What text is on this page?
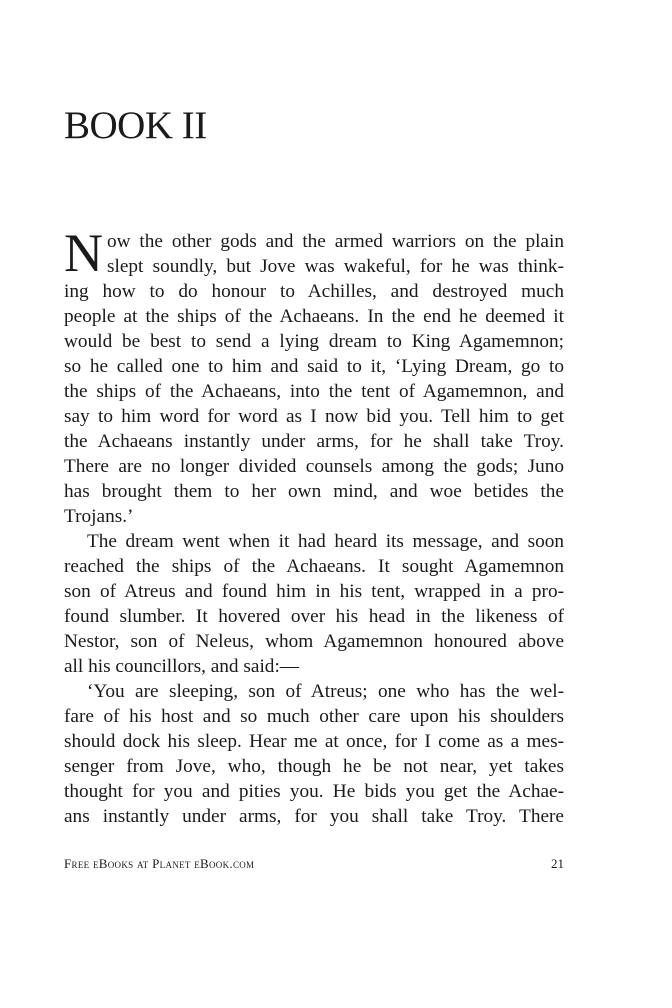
BOOK II

N ow the other gods and the armed warriors on the plain
slept soundly, but Jove was wakeful, for he was think-
ing how to do honour to Achilles, and destroyed much
people at the ships of the Achaeans. In the end he deemed it
would be best to send a lying dream to King Agamemnon;
so he called one to him and said to it, ‘Lying Dream, go to
the ships of the Achaeans, into the tent of Agamemnon, and
say to him word for word as I now bid you. Tell him to get
the Achaeans instantly under arms, for he shall take Troy.
There are no longer divided counsels among the gods; Juno
has brought them to her own mind, and woe betides the
Trojans.’

The dream went when it had heard its message, and soon
reached the ships of the Achaeans. It sought Agamemnon
son of Atreus and found him in his tent, wrapped in a pro-
found slumber. It hovered over his head in the likeness of
Nestor, son of Neleus, whom Agamemnon honoured above
all his councillors, and said:—

‘You are sleeping, son of Atreus; one who has the wel-
fare of his host and so much other care upon his shoulders
should dock his sleep. Hear me at once, for I come as a mes-
senger from Jove, who, though he be not near, yet takes
thought for you and pities you. He bids you get the Achae-
ans instantly under arms, for you shall take Troy. There

Free eBooks at Planet eBook.com	21
